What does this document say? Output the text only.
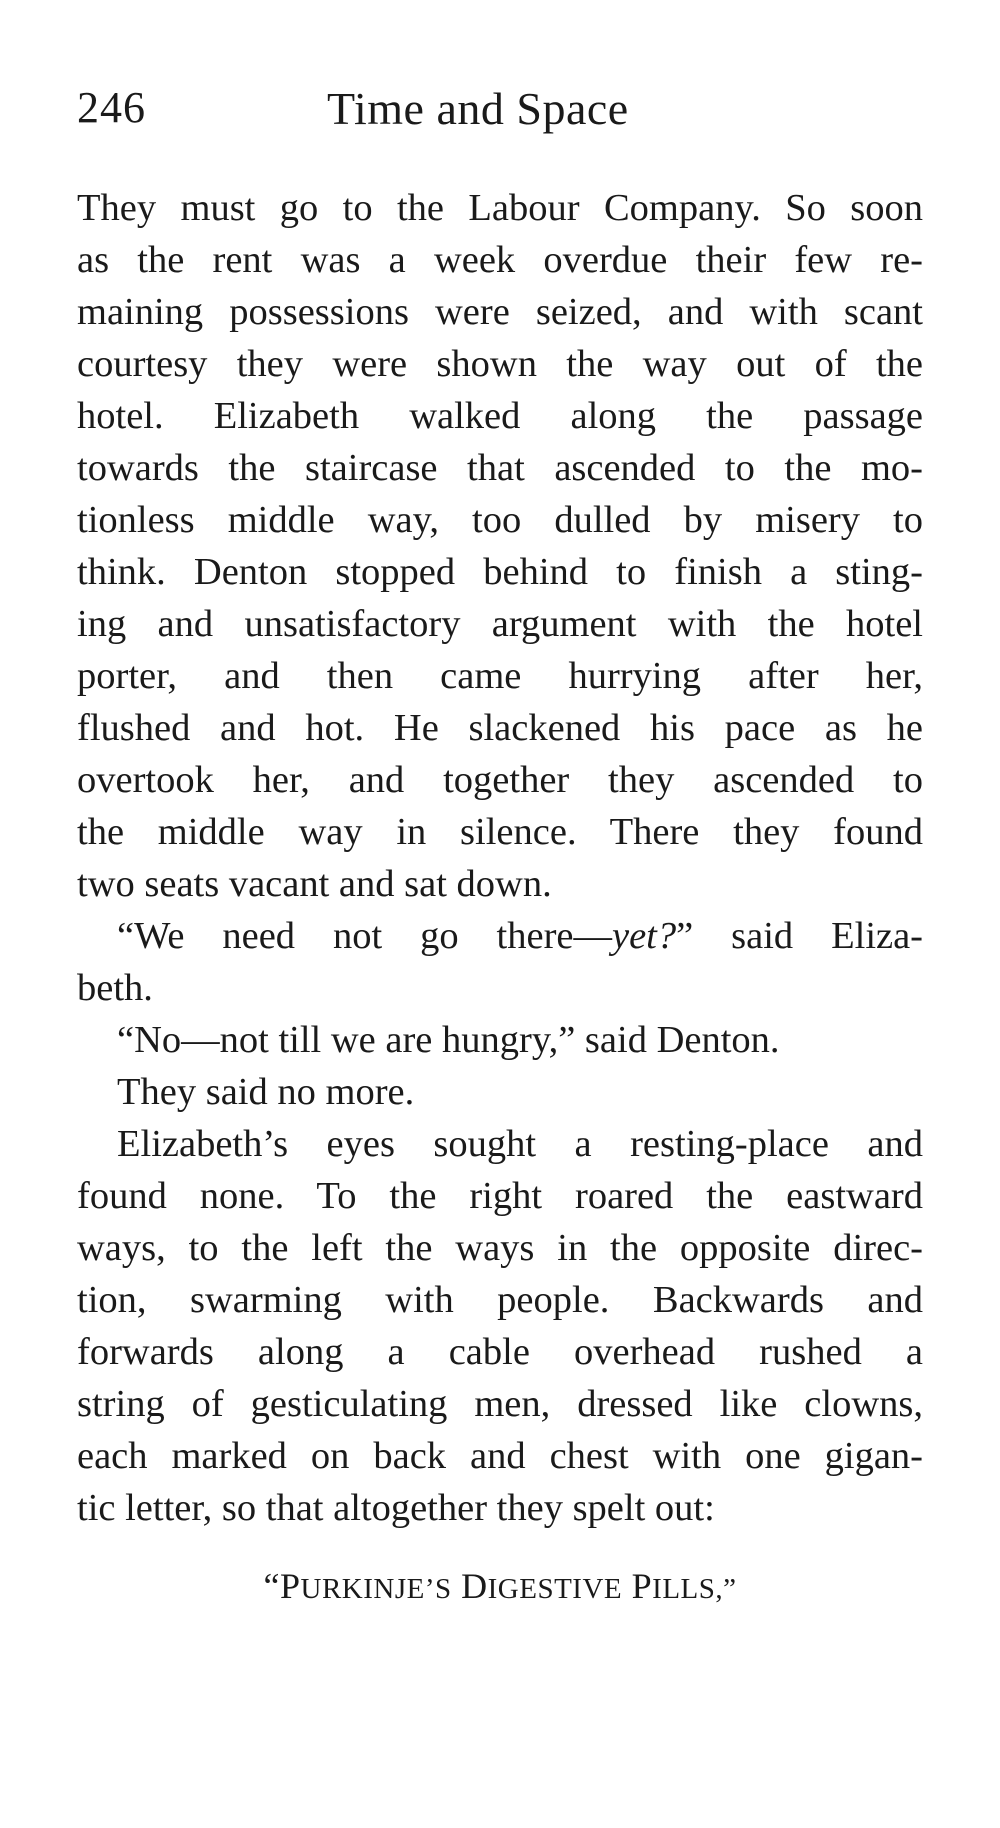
246	Time and Space
They must go to the Labour Company. So soon
as the rent was a week overdue their few re-
maining possessions were seized, and with scant
courtesy they were shown the way out of the
hotel. Elizabeth walked along the passage
towards the staircase that ascended to the mo-
tionless middle way, too dulled by misery to
think. Denton stopped behind to finish a sting-
ing and unsatisfactory argument with the hotel
porter, and then came hurrying after her,
flushed and hot. He slackened his pace as he
overtook her, and together they ascended to
the middle way in silence. There they found
two seats vacant and sat down.
“We need not go there—yet?” said Eliza-
beth.
“No—not till we are hungry,” said Denton.
They said no more.
Elizabeth’s eyes sought a resting-place and
found none. To the right roared the eastward
ways, to the left the ways in the opposite direc-
tion, swarming with people. Backwards and
forwards along a cable overhead rushed a
string of gesticulating men, dressed like clowns,
each marked on back and chest with one gigan-
tic letter, so that altogether they spelt out:
“PURKINJE’S DIGESTIVE PILLS,”
